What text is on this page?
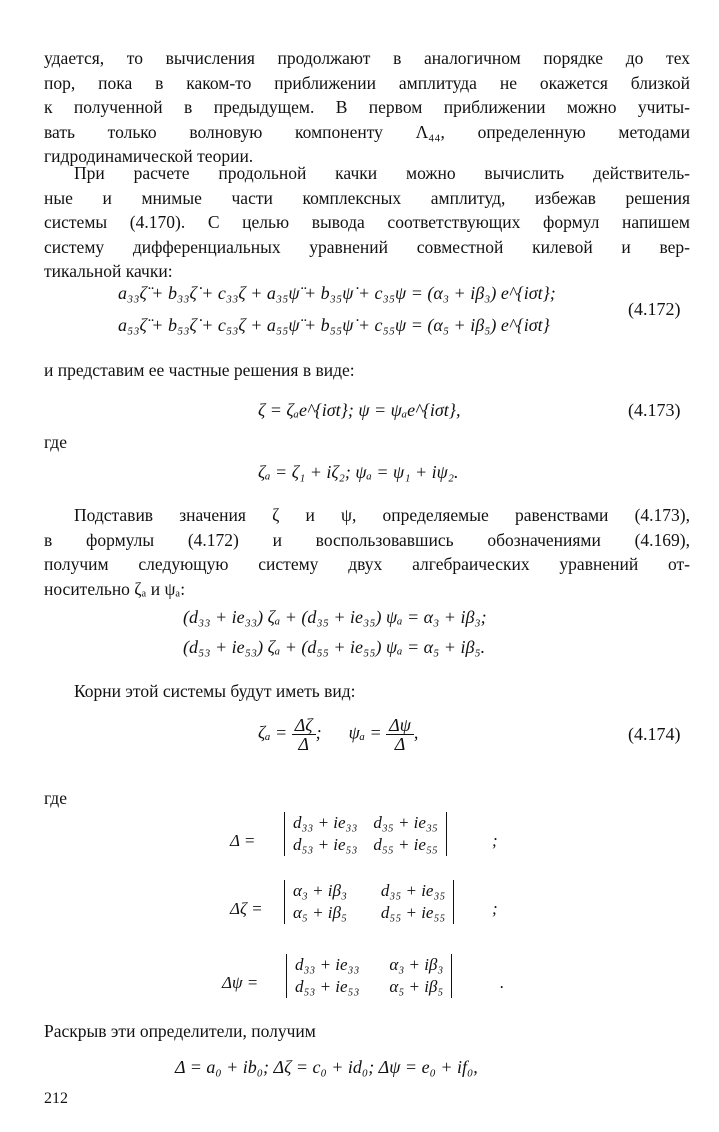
удается, то вычисления продолжают в аналогичном порядке до тех
пор, пока в каком-то приближении амплитуда не окажется близкой
к полученной в предыдущем. В первом приближении можно учиты-
вать только волновую компоненту Λ₄₄, определенную методами
гидродинамической теории.
При расчете продольной качки можно вычислить действитель-
ные и мнимые части комплексных амплитуд, избежав решения
системы (4.170). С целью вывода соответствующих формул напишем
систему дифференциальных уравнений совместной килевой и вер-
тикальной качки:
a₃₃ζ̈ + b₃₃ζ̇ + c₃₃ζ + a₃₅ψ̈ + b₃₅ψ̇ + c₃₅ψ = (α₃ + iβ₃) e^{iσt};
a₅₃ζ̈ + b₅₃ζ̇ + c₅₃ζ + a₅₅ψ̈ + b₅₅ψ̇ + c₅₅ψ = (α₅ + iβ₅) e^{iσt}
(4.172)
и представим ее частные решения в виде:
ζ = ζₐe^{iσt}; ψ = ψₐe^{iσt},	(4.173)
где
ζₐ = ζ₁ + iζ₂; ψₐ = ψ₁ + iψ₂.
Подставив значения ζ и ψ, определяемые равенствами (4.173),
в формулы (4.172) и воспользовавшись обозначениями (4.169),
получим следующую систему двух алгебраических уравнений от-
носительно ζₐ и ψₐ:
(d₃₃ + ie₃₃) ζₐ + (d₃₅ + ie₃₅) ψₐ = α₃ + iβ₃;
(d₅₃ + ie₅₃) ζₐ + (d₅₅ + ie₅₅) ψₐ = α₅ + iβ₅.
Корни этой системы будут иметь вид:
$\zeta_a = \frac{\Delta\zeta}{\Delta}$ ; $\psi_a = \frac{\Delta\psi}{\Delta}$ ,	(4.174)
где
Δ =
d₃₃ + ie₃₃	d₃₅ + ie₃₅
d₅₃ + ie₅₃	d₅₅ + ie₅₅	;
Δζ =
α₃ + iβ₃	d₃₅ + ie₃₅
α₅ + iβ₅	d₅₅ + ie₅₅	;
Δψ =
d₃₃ + ie₃₃	α₃ + iβ₃
d₅₃ + ie₅₃	α₅ + iβ₅	.
Раскрыв эти определители, получим
Δ = a₀ + ib₀; Δζ = c₀ + id₀; Δψ = e₀ + if₀,
212
